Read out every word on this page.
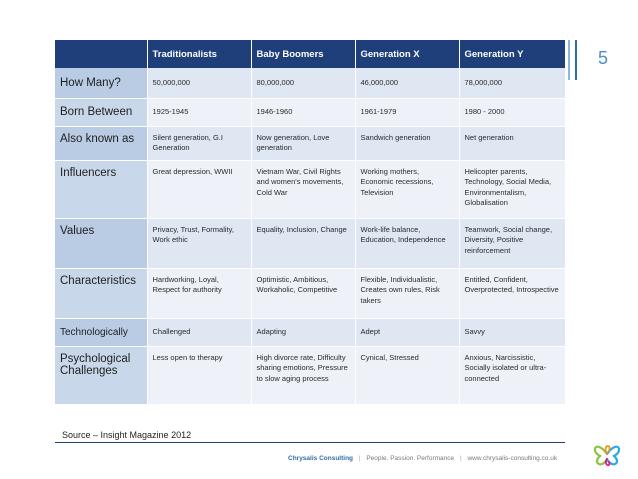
5
	Traditionalists	Baby Boomers	Generation X	Generation Y
How Many?	50,000,000	80,000,000	46,000,000	78,000,000
Born Between	1925-1945	1946-1960	1961-1979	1980 - 2000
Also known as	Silent generation, G.I Generation	Now generation, Love generation	Sandwich generation	Net generation
Influencers	Great depression, WWII	Vietnam War, Civil Rights and women's movements, Cold War	Working mothers, Economic recessions, Television	Helicopter parents, Technology, Social Media, Environmentalism, Globalisation
Values	Privacy, Trust, Formality, Work ethic	Equality, Inclusion, Change	Work-life balance, Education, Independence	Teamwork, Social change, Diversity, Positive reinforcement
Characteristics	Hardworking, Loyal, Respect for authority	Optimistic, Ambitious, Workaholic, Competitive	Flexible, Individualistic, Creates own rules, Risk takers	Entitled, Confident, Overprotected, Introspective
Technologically	Challenged	Adapting	Adept	Savvy
Psychological Challenges	Less open to therapy	High divorce rate, Difficulty sharing emotions, Pressure to slow aging process	Cynical, Stressed	Anxious, Narcissistic, Socially isolated or ultra-connected
Source – Insight Magazine 2012
Chrysalis Consulting | People. Passion. Performance | www.chrysalis-consulting.co.uk
